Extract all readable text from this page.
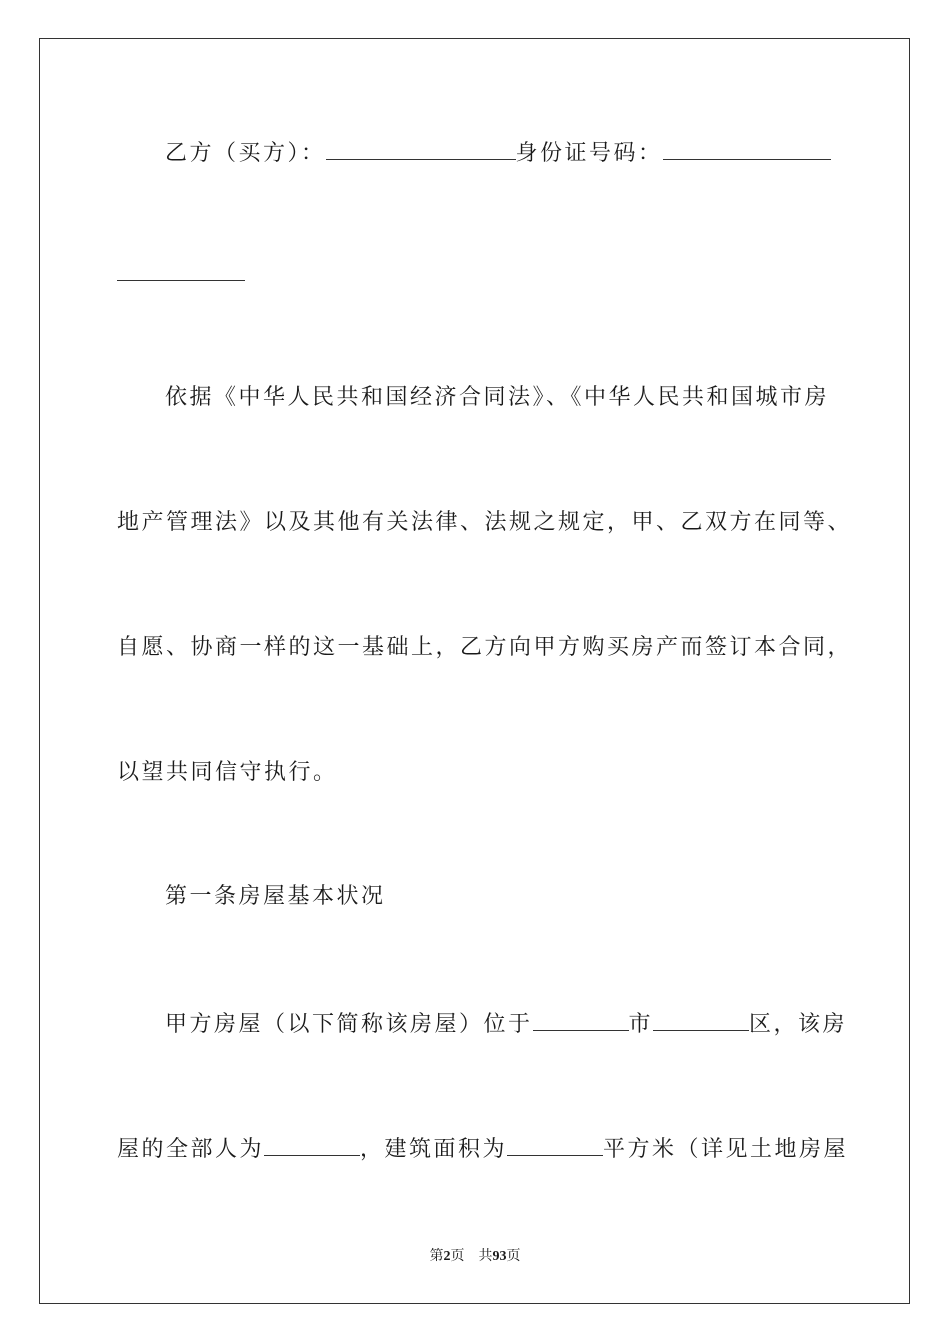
乙方（买方）：	身份证号码：
依据《中华人民共和国经济合同法》、《中华人民共和国城市房
地产管理法》以及其他有关法律、法规之规定，甲、乙双方在同等、
自愿、协商一样的这一基础上，乙方向甲方购买房产而签订本合同，
以望共同信守执行。
第一条房屋基本状况
甲方房屋（以下简称该房屋）位于	市	区，该房
屋的全部人为	，建筑面积为	平方米（详见土地房屋
第2页 共93页
